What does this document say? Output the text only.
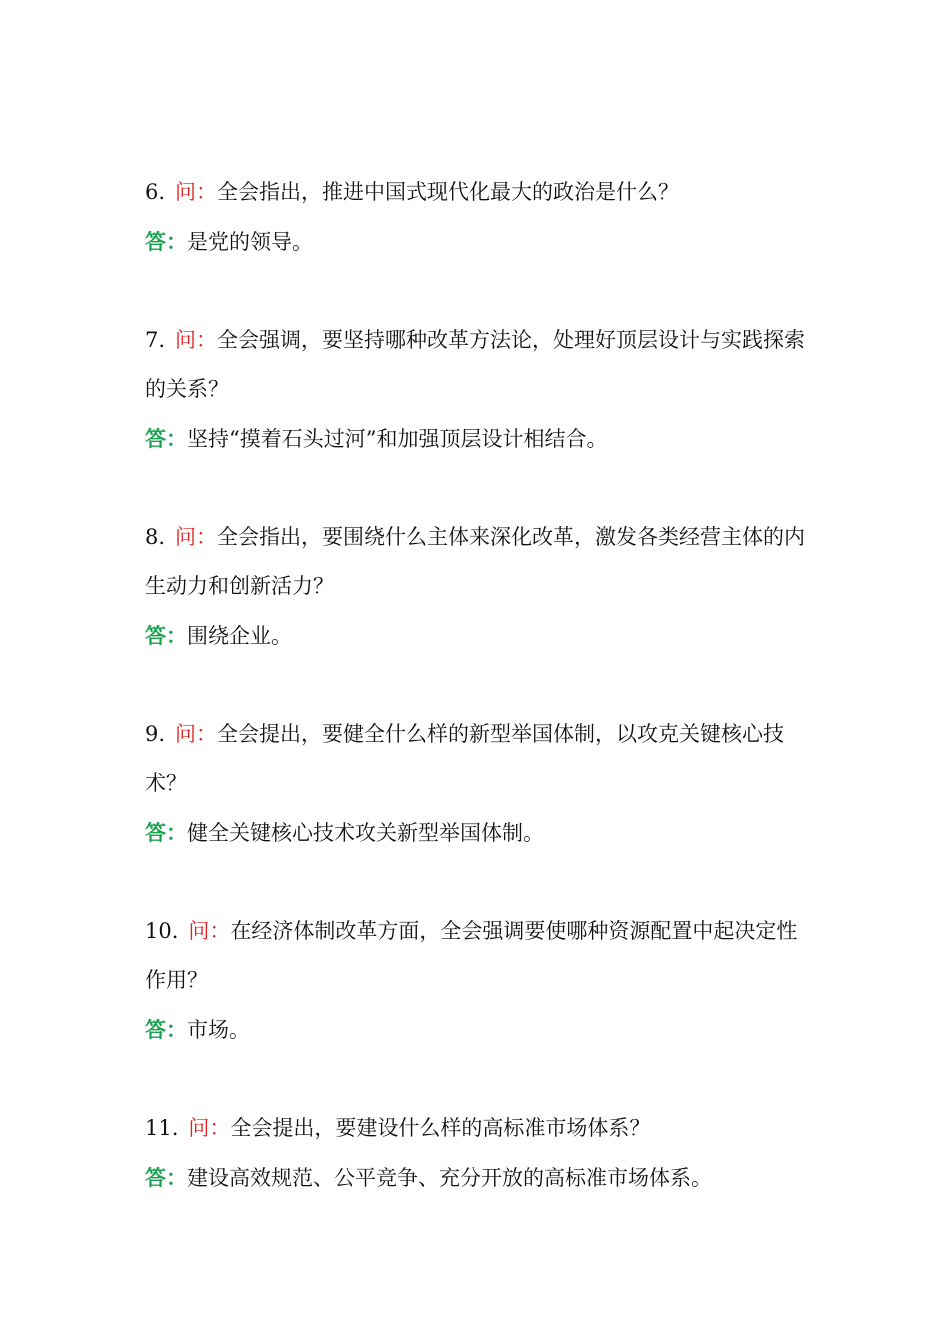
6. 问：全会指出，推进中国式现代化最大的政治是什么？

答：是党的领导。

7. 问：全会强调，要坚持哪种改革方法论，处理好顶层设计与实践探索的关系？

答：坚持“摸着石头过河”和加强顶层设计相结合。

8. 问：全会指出，要围绕什么主体来深化改革，激发各类经营主体的内生动力和创新活力？

答：围绕企业。

9. 问：全会提出，要健全什么样的新型举国体制，以攻克关键核心技术？

答：健全关键核心技术攻关新型举国体制。

10. 问：在经济体制改革方面，全会强调要使哪种资源配置中起决定性作用？

答：市场。

11. 问：全会提出，要建设什么样的高标准市场体系？

答：建设高效规范、公平竞争、充分开放的高标准市场体系。
